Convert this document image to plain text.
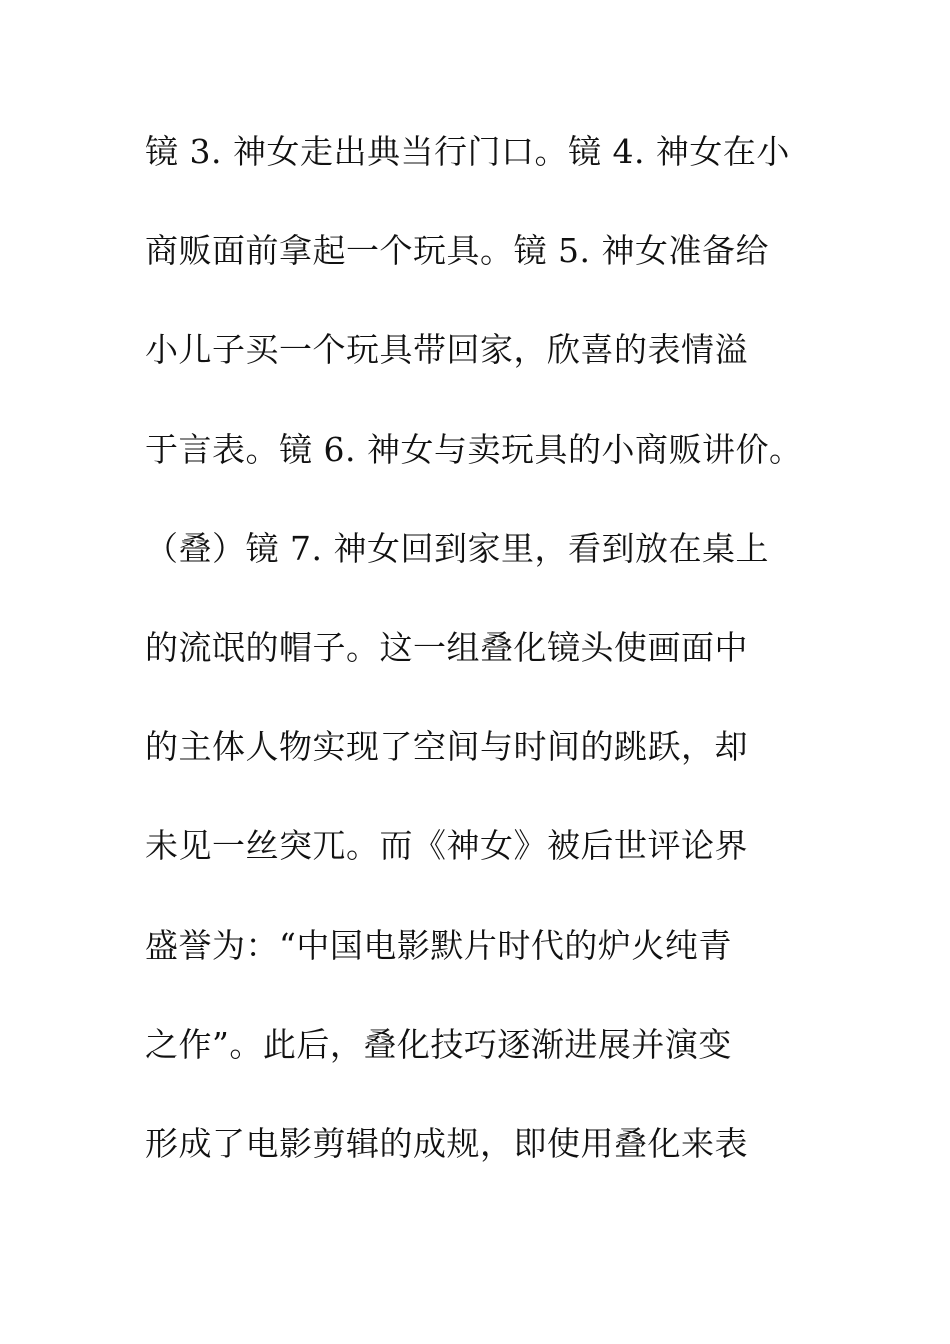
镜 3. 神女走出典当行门口。镜 4. 神女在小
商贩面前拿起一个玩具。镜 5. 神女准备给
小儿子买一个玩具带回家，欣喜的表情溢
于言表。镜 6. 神女与卖玩具的小商贩讲价。
（叠）镜 7. 神女回到家里，看到放在桌上
的流氓的帽子。这一组叠化镜头使画面中
的主体人物实现了空间与时间的跳跃，却
未见一丝突兀。而《神女》被后世评论界
盛誉为：“中国电影默片时代的炉火纯青
之作”。此后，叠化技巧逐渐进展并演变
形成了电影剪辑的成规，即使用叠化来表
